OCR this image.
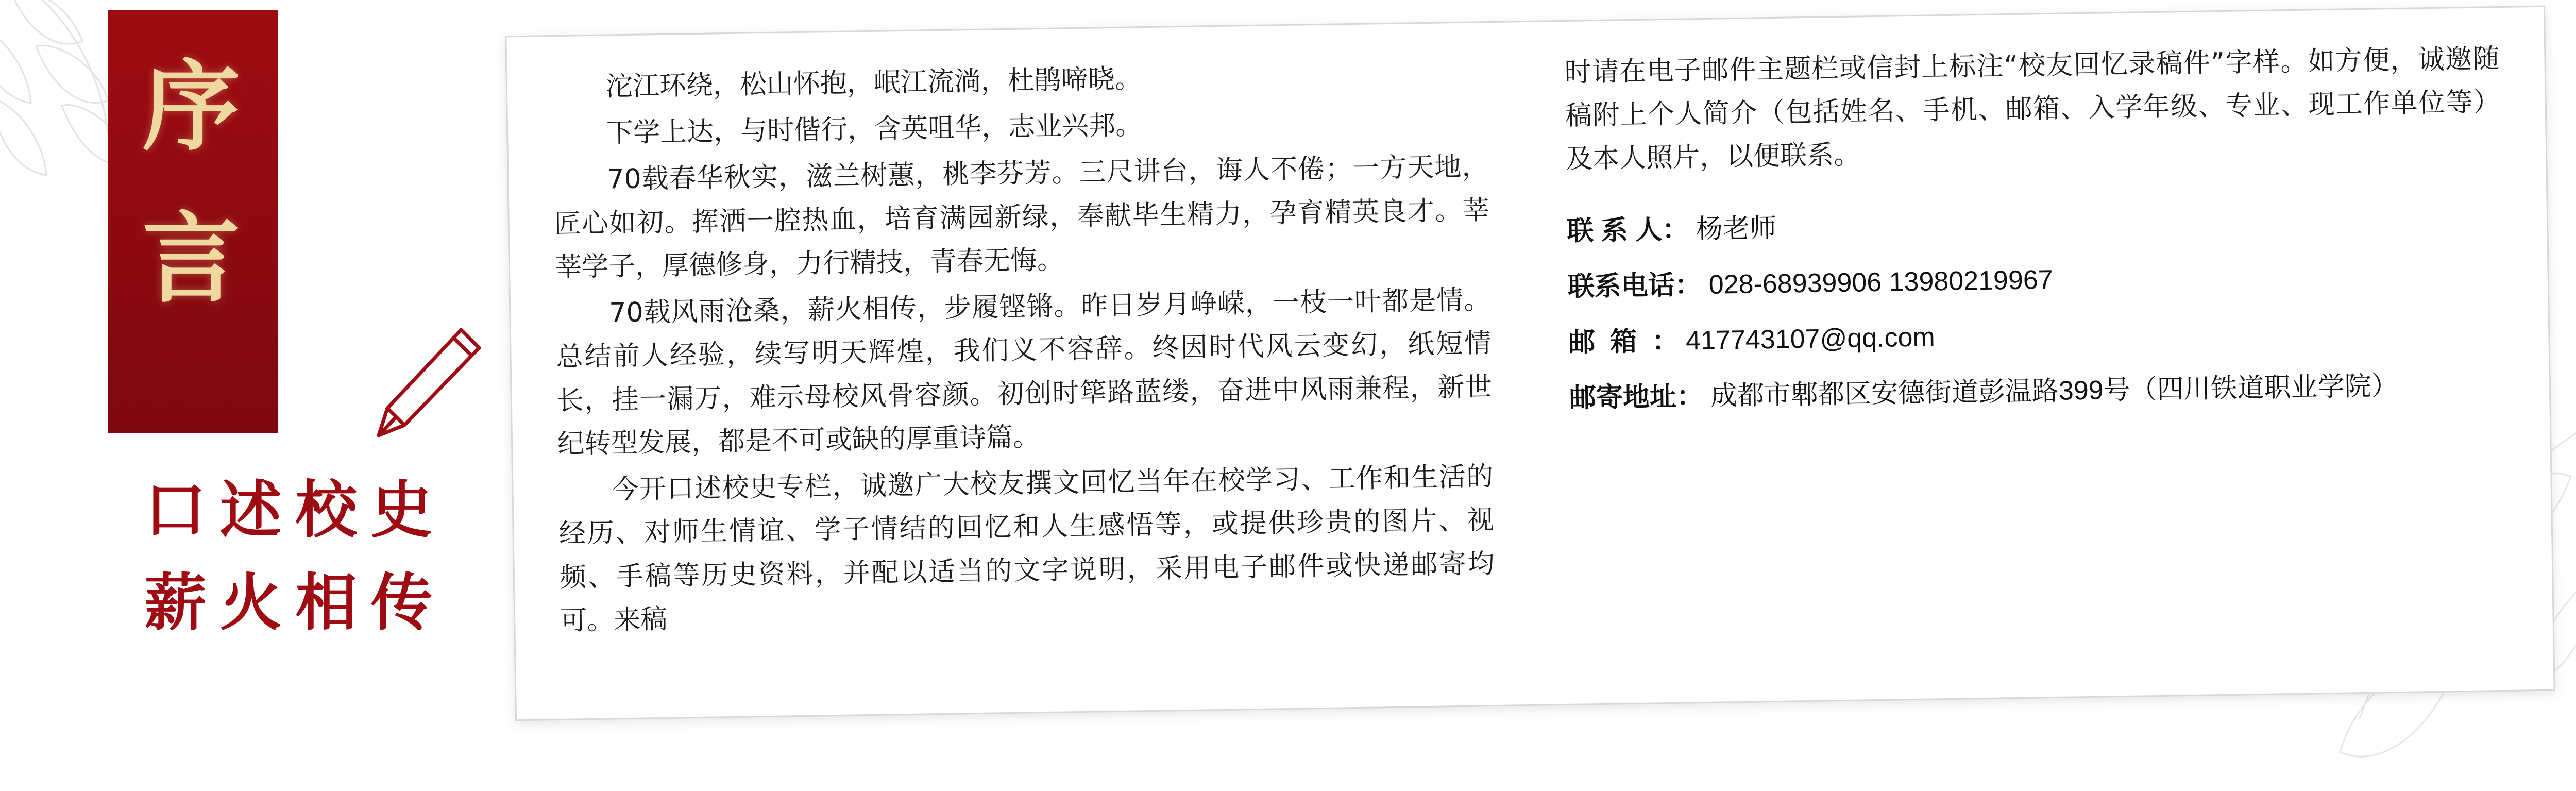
序言
口述校史
薪火相传

沱江环绕，松山怀抱，岷江流淌，杜鹃啼晓。

下学上达，与时偕行，含英咀华，志业兴邦。

70载春华秋实，滋兰树蕙，桃李芬芳。三尺讲台，诲人不倦；一方天地，匠心如初。挥洒一腔热血，培育满园新绿，奉献毕生精力，孕育精英良才。莘莘学子，厚德修身，力行精技，青春无悔。

70载风雨沧桑，薪火相传，步履铿锵。昨日岁月峥嵘，一枝一叶都是情。总结前人经验，续写明天辉煌，我们义不容辞。终因时代风云变幻，纸短情长，挂一漏万，难示母校风骨容颜。初创时筚路蓝缕，奋进中风雨兼程，新世纪转型发展，都是不可或缺的厚重诗篇。

今开口述校史专栏，诚邀广大校友撰文回忆当年在校学习、工作和生活的经历、对师生情谊、学子情结的回忆和人生感悟等，或提供珍贵的图片、视频、手稿等历史资料，并配以适当的文字说明，采用电子邮件或快递邮寄均可。来稿

时请在电子邮件主题栏或信封上标注“校友回忆录稿件”字样。如方便，诚邀随稿附上个人简介（包括姓名、手机、邮箱、入学年级、专业、现工作单位等）及本人照片，以便联系。

联 系 人： 杨老师
联系电话： 028-68939906 13980219967
邮  箱  ： 417743107@qq.com
邮寄地址： 成都市郫都区安德街道彭温路399号（四川铁道职业学院）
